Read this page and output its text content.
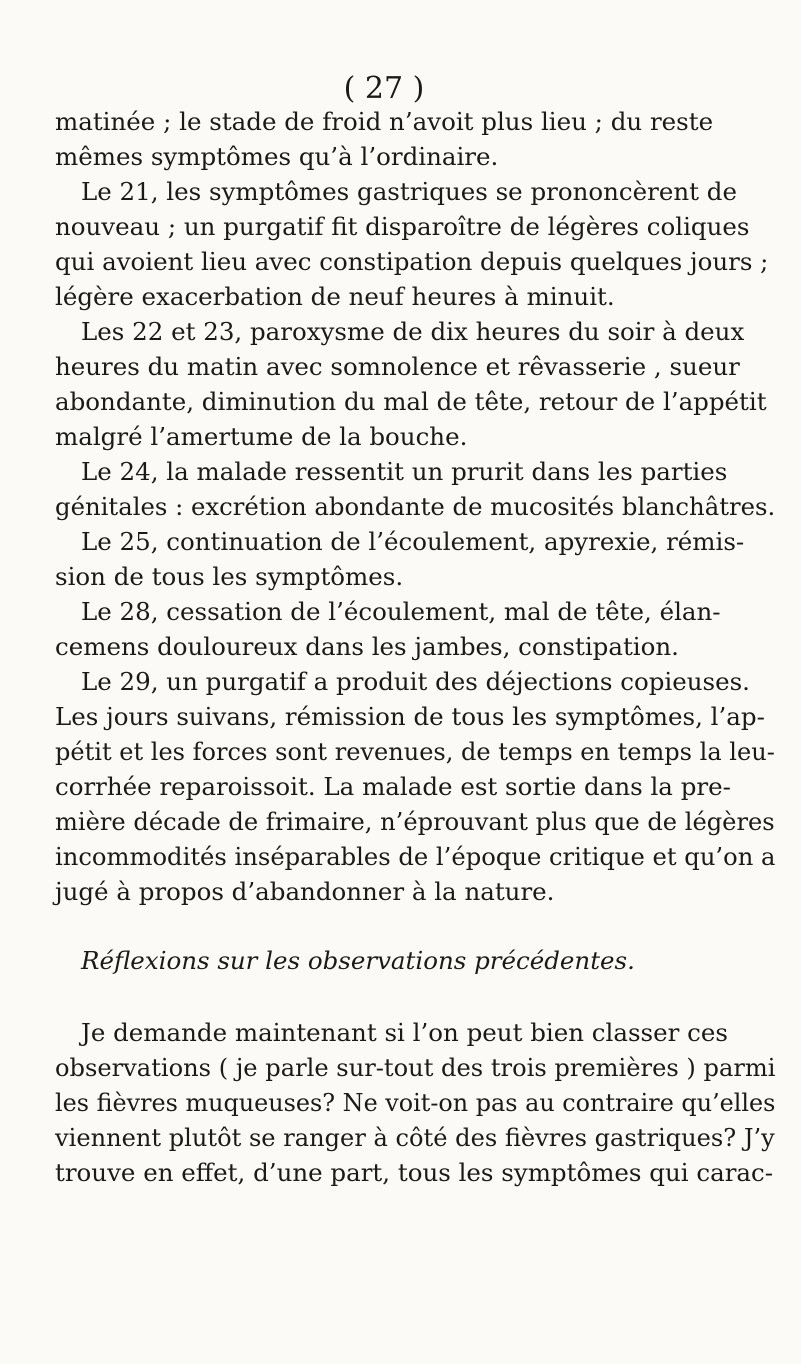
( 27 )
matinée ; le stade de froid n’avoit plus lieu ; du reste
mêmes symptômes qu’à l’ordinaire.
Le 21, les symptômes gastriques se prononcèrent de
nouveau ; un purgatif fit disparoître de légères coliques
qui avoient lieu avec constipation depuis quelques jours ;
légère exacerbation de neuf heures à minuit.
Les 22 et 23, paroxysme de dix heures du soir à deux
heures du matin avec somnolence et rêvasserie , sueur
abondante, diminution du mal de tête, retour de l’appétit
malgré l’amertume de la bouche.
Le 24, la malade ressentit un prurit dans les parties
génitales : excrétion abondante de mucosités blanchâtres.
Le 25, continuation de l’écoulement, apyrexie, rémis-
sion de tous les symptômes.
Le 28, cessation de l’écoulement, mal de tête, élan-
cemens douloureux dans les jambes, constipation.
Le 29, un purgatif a produit des déjections copieuses.
Les jours suivans, rémission de tous les symptômes, l’ap-
pétit et les forces sont revenues, de temps en temps la leu-
corrhée reparoissoit. La malade est sortie dans la pre-
mière décade de frimaire, n’éprouvant plus que de légères
incommodités inséparables de l’époque critique et qu’on a
jugé à propos d’abandonner à la nature.
Réflexions sur les observations précédentes.
Je demande maintenant si l’on peut bien classer ces
observations ( je parle sur-tout des trois premières ) parmi
les fièvres muqueuses? Ne voit-on pas au contraire qu’elles
viennent plutôt se ranger à côté des fièvres gastriques? J’y
trouve en effet, d’une part, tous les symptômes qui carac-
